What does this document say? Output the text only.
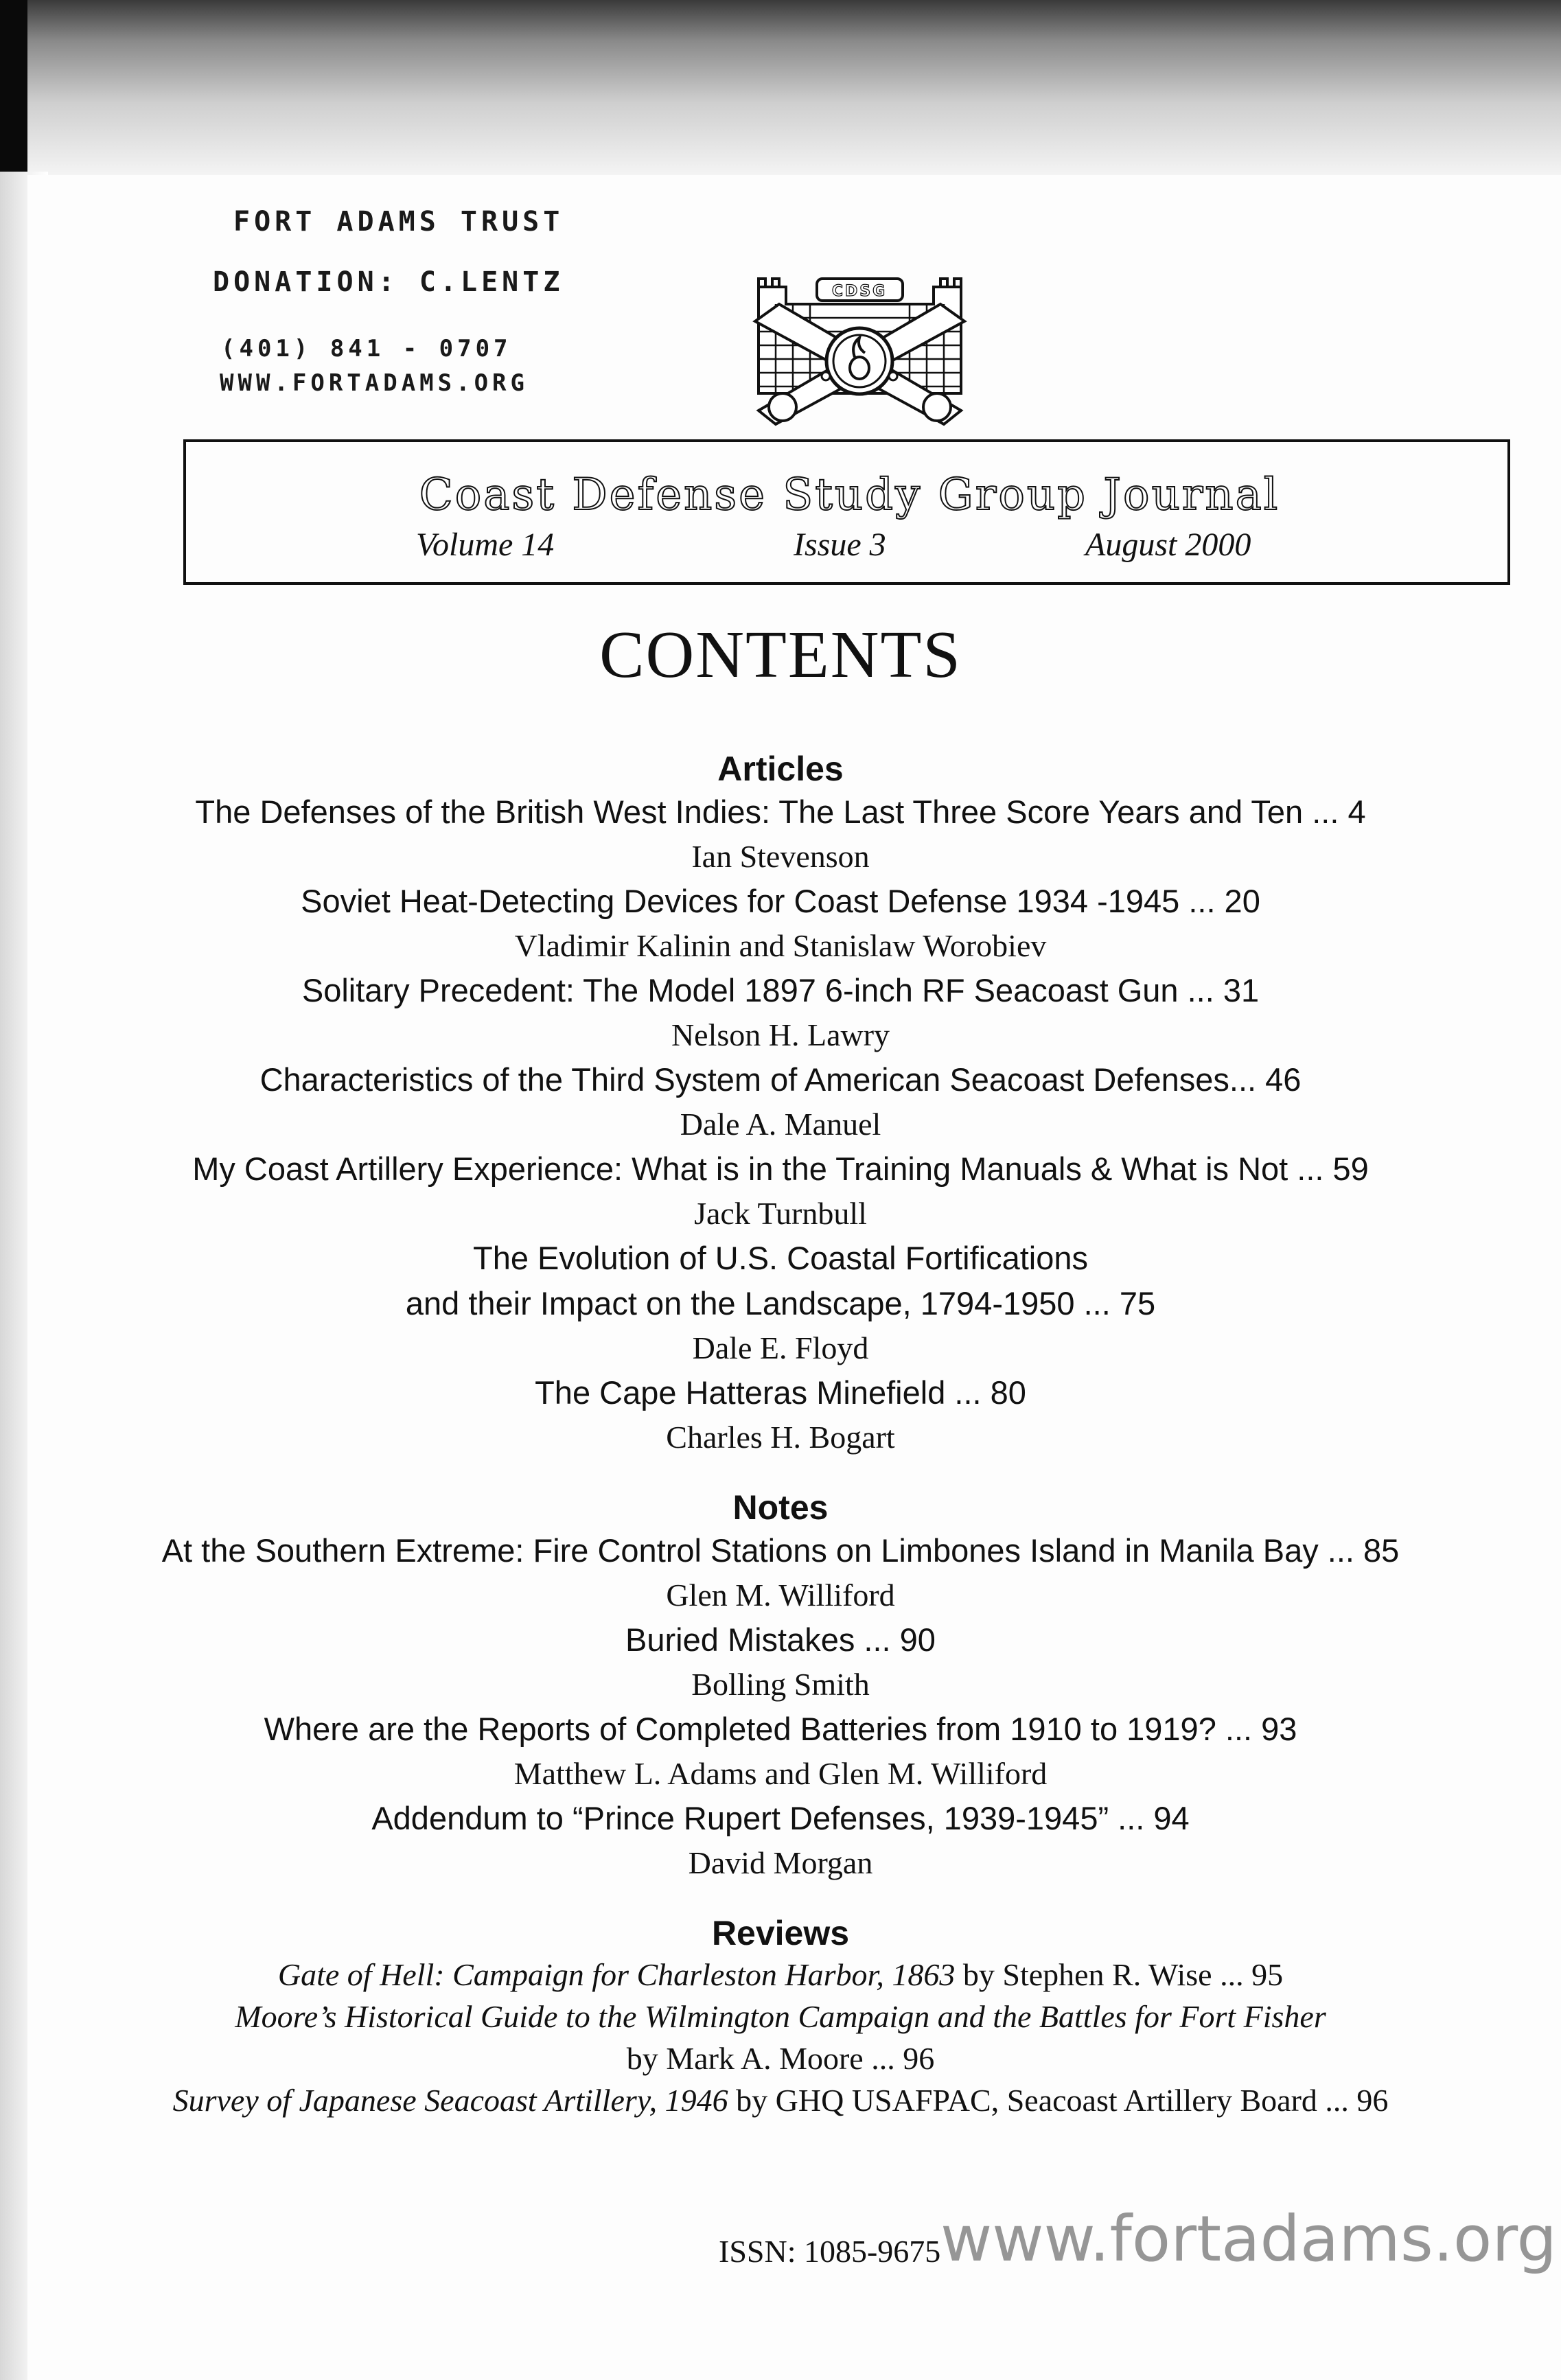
FORT ADAMS TRUST
DONATION: C.LENTZ
(401) 841 - 0707
WWW.FORTADAMS.ORG
CDSG
Coast Defense Study Group Journal
Volume 14	Issue 3	August 2000
CONTENTS
Articles
The Defenses of the British West Indies: The Last Three Score Years and Ten ... 4
Ian Stevenson
Soviet Heat-Detecting Devices for Coast Defense 1934 -1945 ... 20
Vladimir Kalinin and Stanislaw Worobiev
Solitary Precedent: The Model 1897 6-inch RF Seacoast Gun ... 31
Nelson H. Lawry
Characteristics of the Third System of American Seacoast Defenses... 46
Dale A. Manuel
My Coast Artillery Experience: What is in the Training Manuals & What is Not ... 59
Jack Turnbull
The Evolution of U.S. Coastal Fortifications
and their Impact on the Landscape, 1794-1950 ... 75
Dale E. Floyd
The Cape Hatteras Minefield ... 80
Charles H. Bogart
Notes
At the Southern Extreme: Fire Control Stations on Limbones Island in Manila Bay ... 85
Glen M. Williford
Buried Mistakes ... 90
Bolling Smith
Where are the Reports of Completed Batteries from 1910 to 1919? ... 93
Matthew L. Adams and Glen M. Williford
Addendum to “Prince Rupert Defenses, 1939-1945” ... 94
David Morgan
Reviews
Gate of Hell: Campaign for Charleston Harbor, 1863 by Stephen R. Wise ... 95
Moore’s Historical Guide to the Wilmington Campaign and the Battles for Fort Fisher
by Mark A. Moore ... 96
Survey of Japanese Seacoast Artillery, 1946 by GHQ USAFPAC, Seacoast Artillery Board ... 96
ISSN: 1085-9675 www.fortadams.org
